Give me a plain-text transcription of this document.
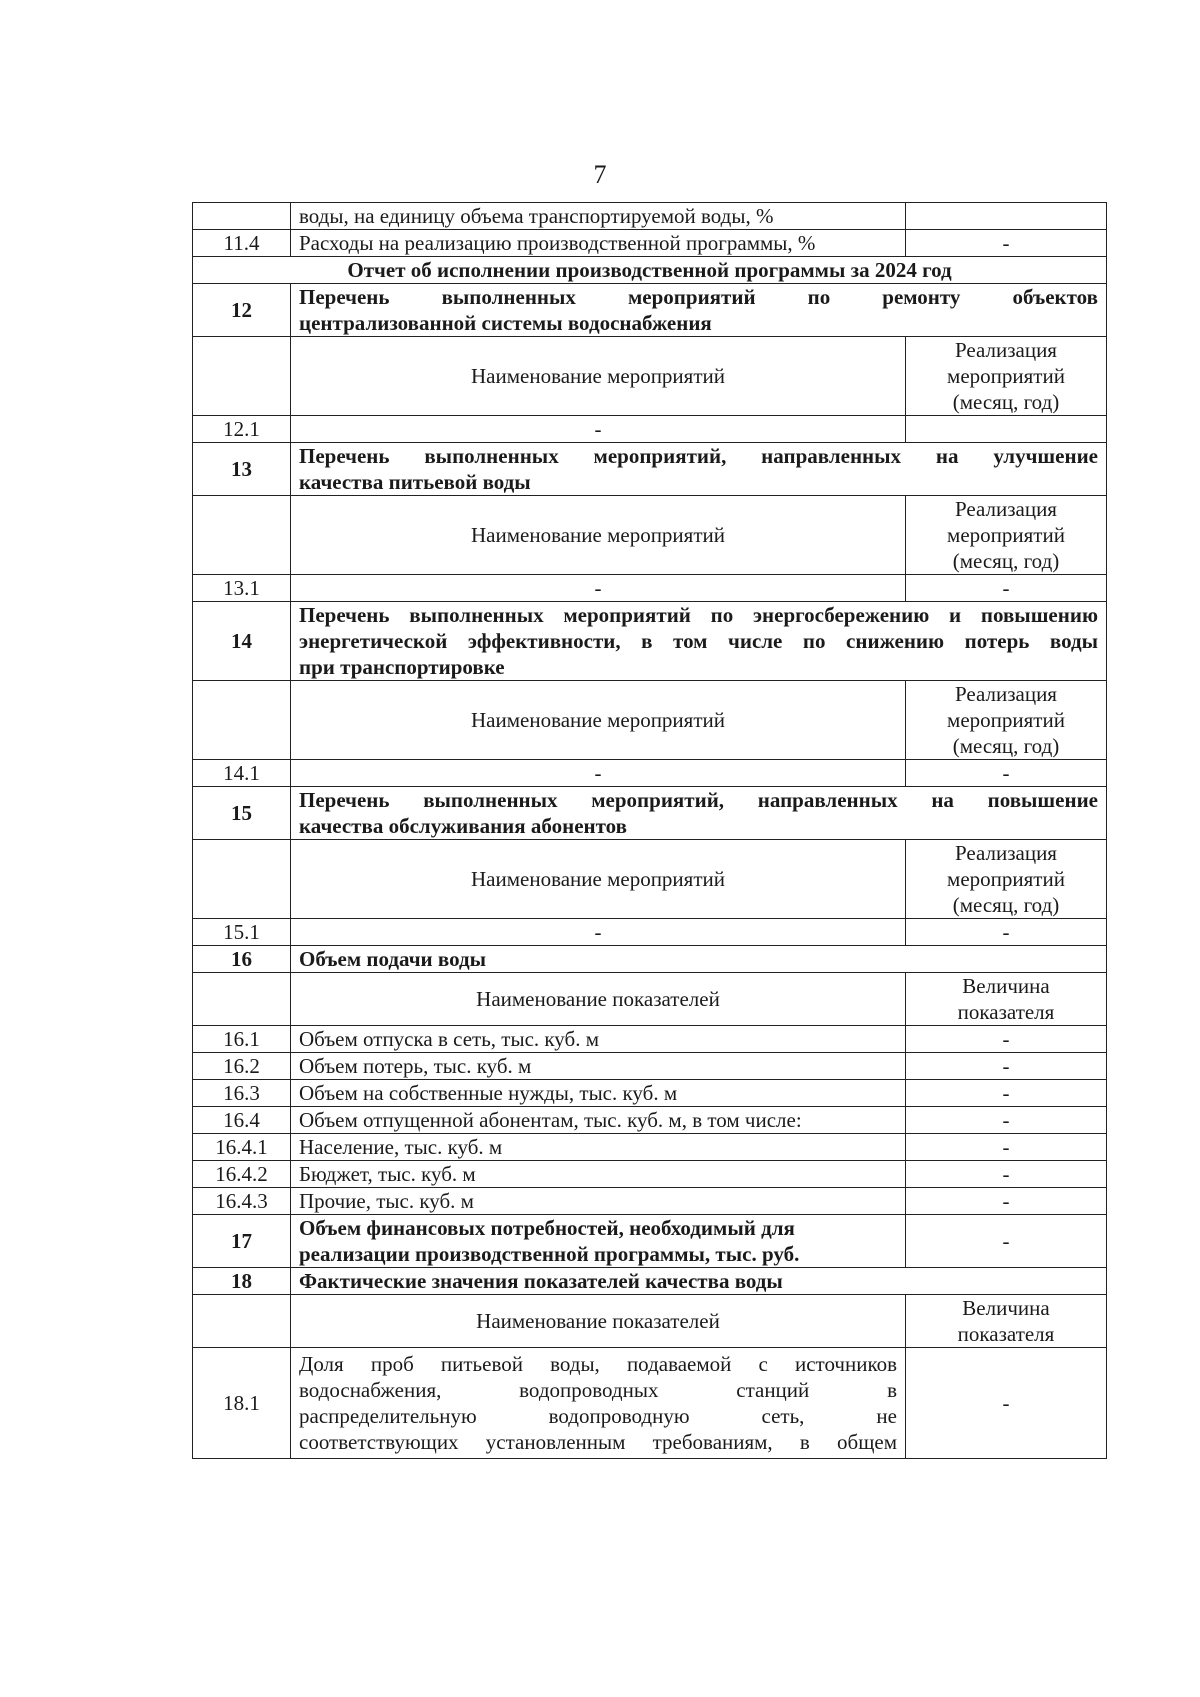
7
	воды, на единицу объема транспортируемой воды, %	
11.4	Расходы на реализацию производственной программы, %	-
Отчет об исполнении производственной программы за 2024 год		
12	Перечень выполненных мероприятий по ремонту объектов
централизованной системы водоснабжения	

	Наименование мероприятий	Реализация мероприятий (месяц, год)
12.1	-	
13	Перечень выполненных мероприятий, направленных на улучшение
качества питьевой воды	

	Наименование мероприятий	Реализация мероприятий (месяц, год)
13.1	-	-
14	Перечень выполненных мероприятий по энергосбережению и повышению
энергетической эффективности, в том числе по снижению потерь воды
при транспортировке	

	Наименование мероприятий	Реализация мероприятий (месяц, год)
14.1	-	-
15	Перечень выполненных мероприятий, направленных на повышение
качества обслуживания абонентов	

	Наименование мероприятий	Реализация мероприятий (месяц, год)
15.1	-	-
16	Объем подачи воды	
	Наименование показателей	Величина показателя
16.1	Объем отпуска в сеть, тыс. куб. м	-
16.2	Объем потерь, тыс. куб. м	-
16.3	Объем на собственные нужды, тыс. куб. м	-
16.4	Объем отпущенной абонентам, тыс. куб. м, в том числе:	-
16.4.1	Население, тыс. куб. м	-
16.4.2	Бюджет, тыс. куб. м	-
16.4.3	Прочие, тыс. куб. м	-
17	Объем финансовых потребностей, необходимый для
реализации производственной программы, тыс. руб.	-
18	Фактические значения показателей качества воды	
	Наименование показателей	Величина показателя
18.1	Доля проб питьевой воды, подаваемой с источников
водоснабжения, водопроводных станций в
распределительную водопроводную сеть, не
соответствующих установленным требованиям, в общем	-
